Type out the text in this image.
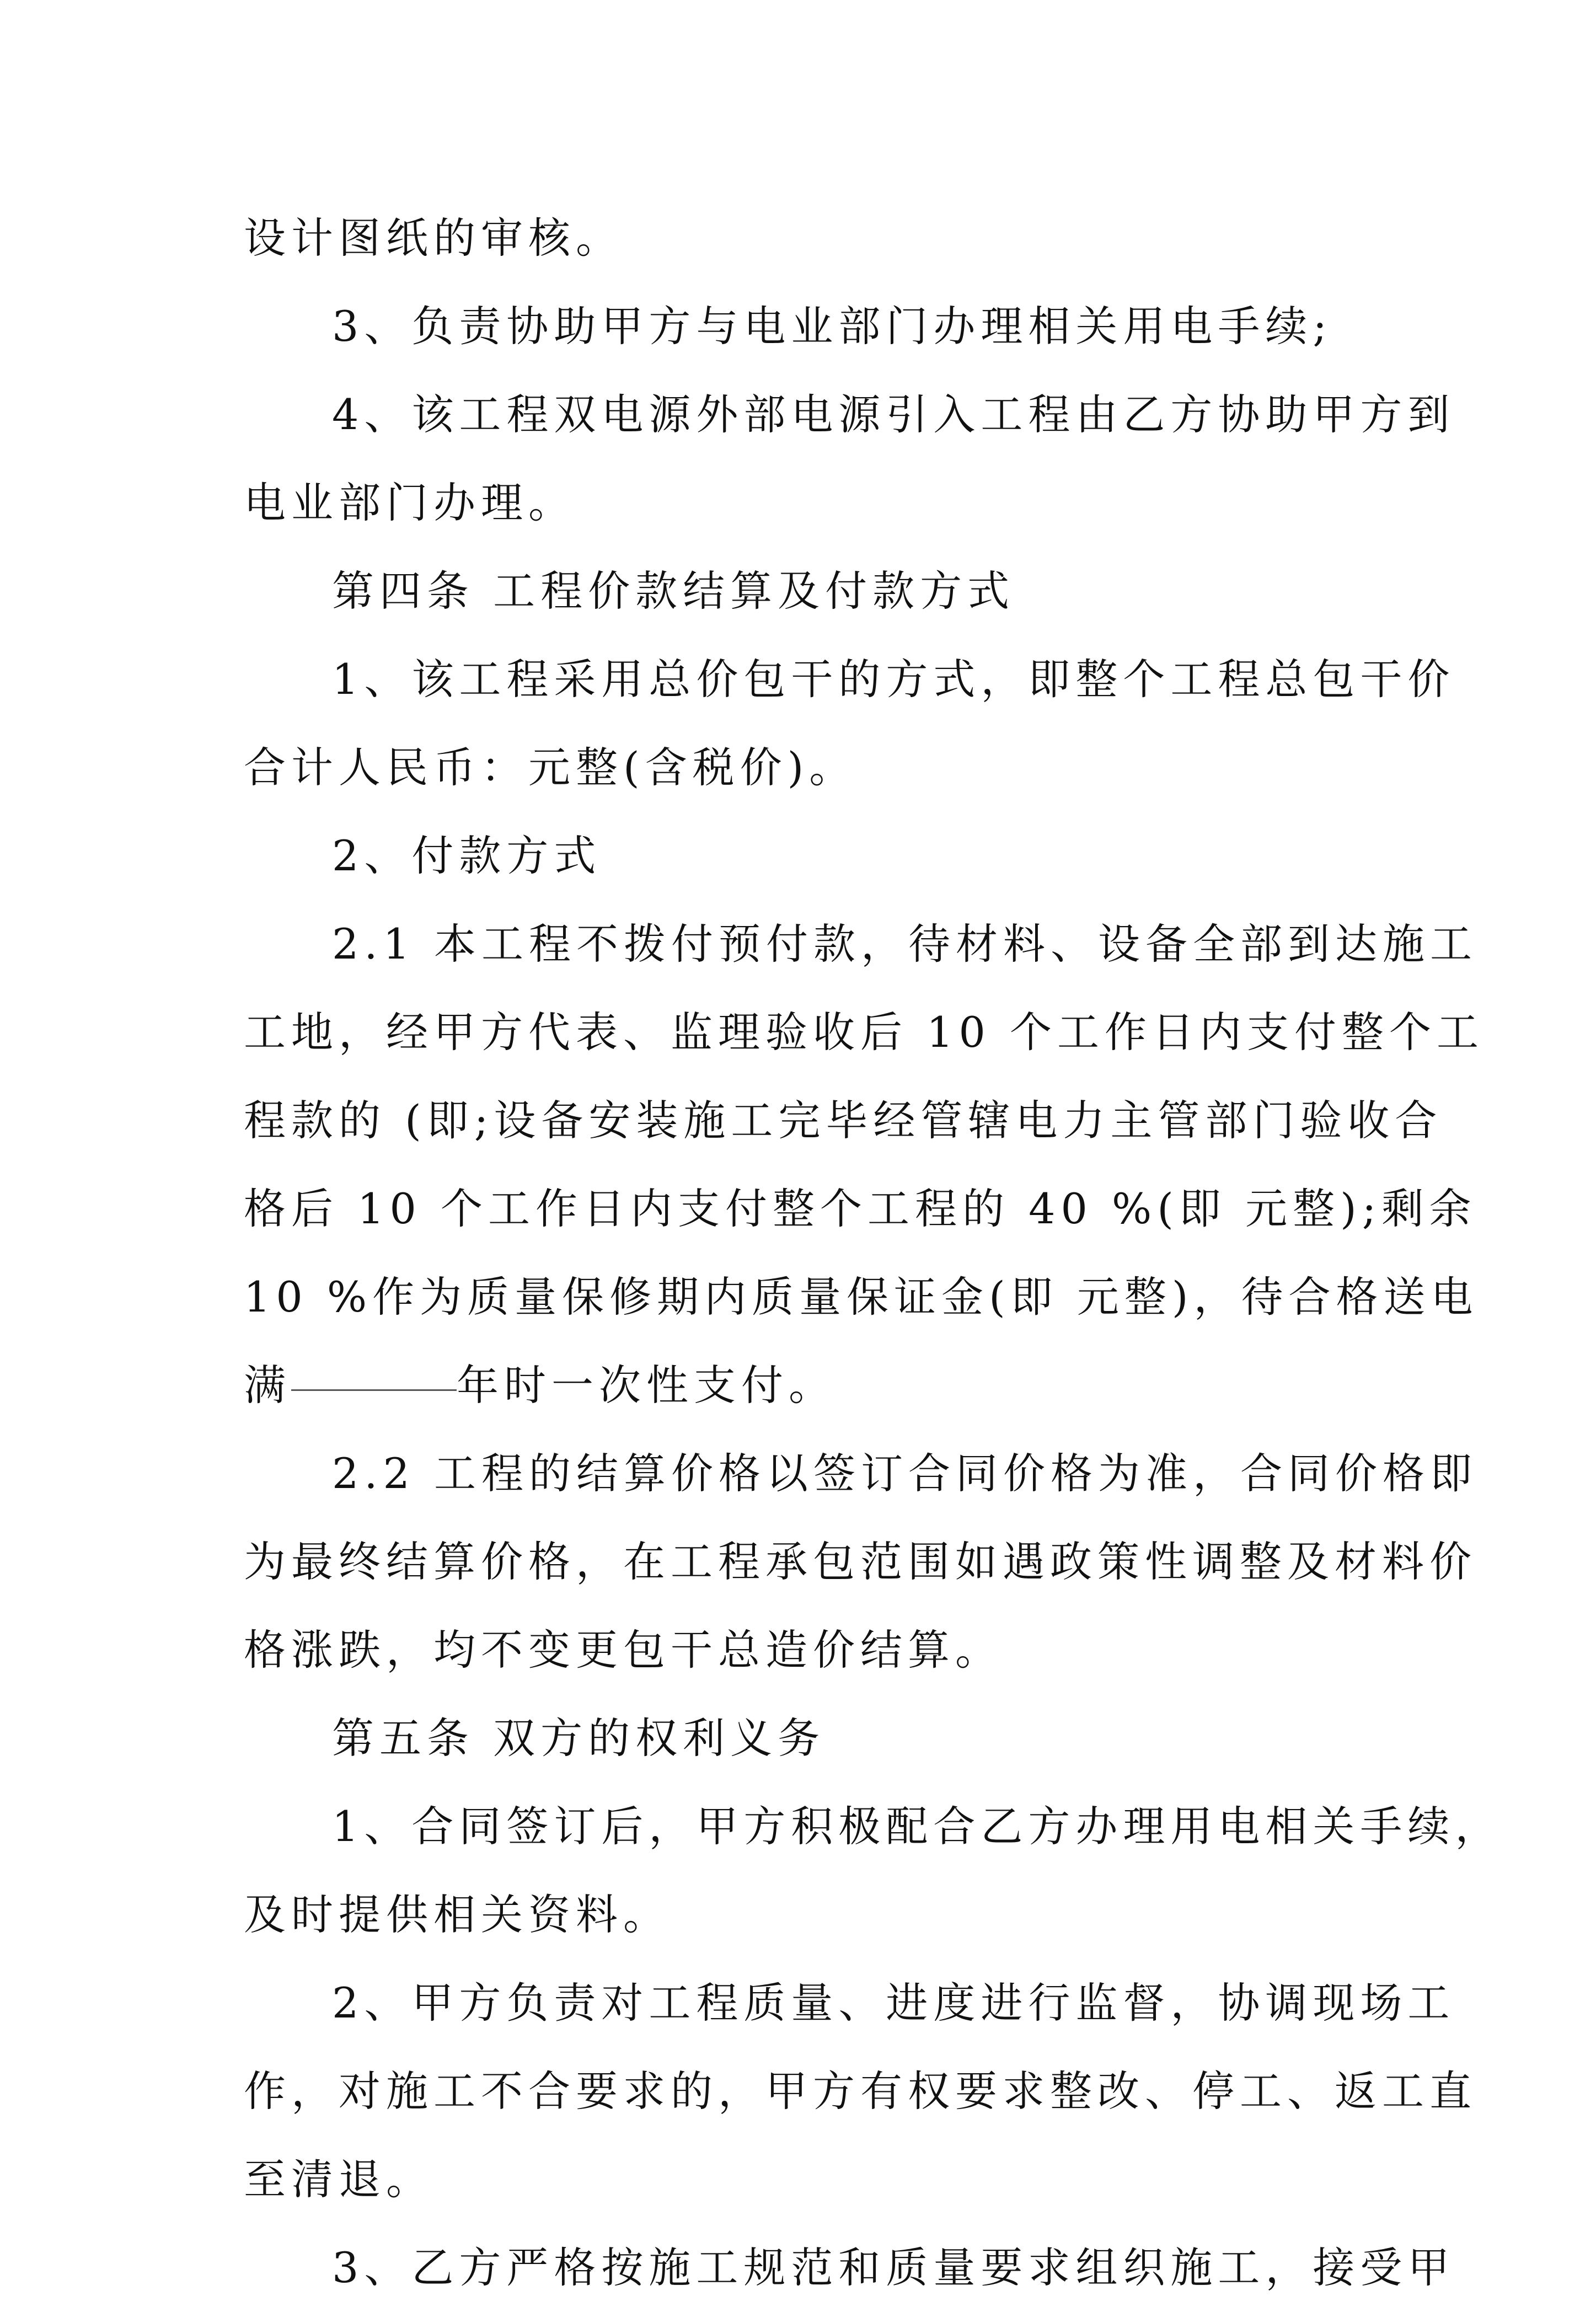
设计图纸的审核。
3、负责协助甲方与电业部门办理相关用电手续;
4、该工程双电源外部电源引入工程由乙方协助甲方到
电业部门办理。
第四条 工程价款结算及付款方式
1、该工程采用总价包干的方式，即整个工程总包干价
合计人民币：元整(含税价)。
2、付款方式
2.1 本工程不拨付预付款，待材料、设备全部到达施工
工地，经甲方代表、监理验收后 10 个工作日内支付整个工
程款的 (即;设备安装施工完毕经管辖电力主管部门验收合
格后 10 个工作日内支付整个工程的 40 %(即 元整);剩余
10 %作为质量保修期内质量保证金(即 元整)，待合格送电
满	年时一次性支付。
2.2 工程的结算价格以签订合同价格为准，合同价格即
为最终结算价格，在工程承包范围如遇政策性调整及材料价
格涨跌，均不变更包干总造价结算。
第五条 双方的权利义务
1、合同签订后，甲方积极配合乙方办理用电相关手续，
及时提供相关资料。
2、甲方负责对工程质量、进度进行监督，协调现场工
作，对施工不合要求的，甲方有权要求整改、停工、返工直
至清退。
3、乙方严格按施工规范和质量要求组织施工，接受甲
